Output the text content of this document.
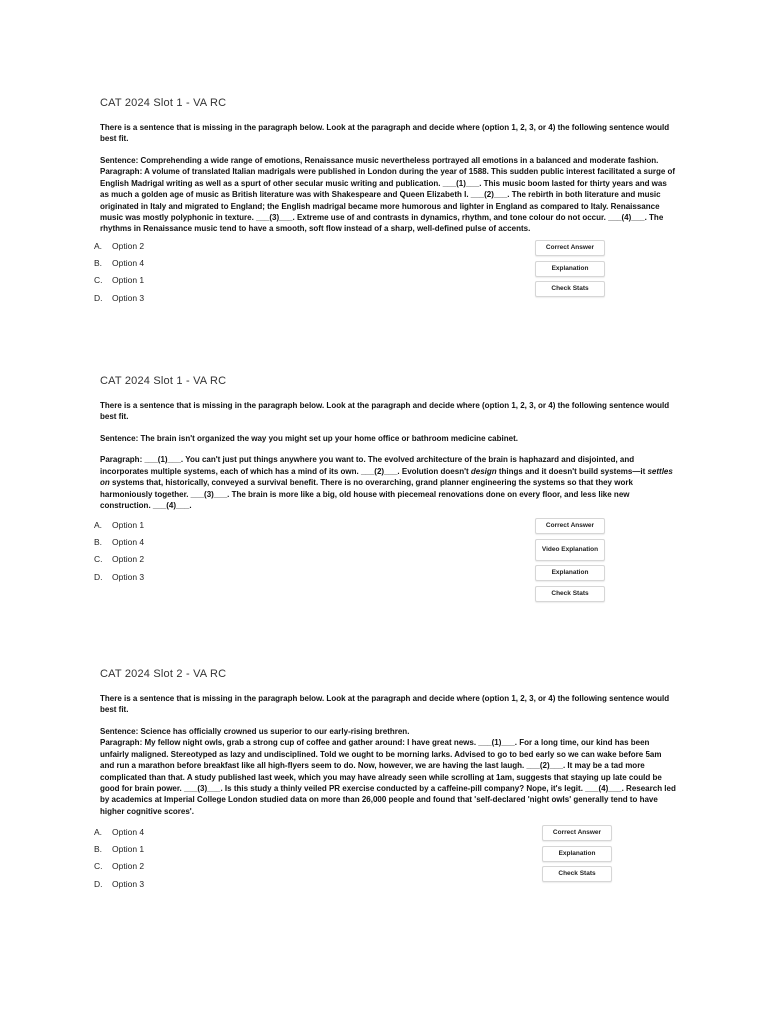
CAT 2024 Slot 1 - VA RC
There is a sentence that is missing in the paragraph below. Look at the paragraph and decide where (option 1, 2, 3, or 4) the following sentence would best fit.

Sentence: Comprehending a wide range of emotions, Renaissance music nevertheless portrayed all emotions in a balanced and moderate fashion.

Paragraph: A volume of translated Italian madrigals were published in London during the year of 1588. This sudden public interest facilitated a surge of English Madrigal writing as well as a spurt of other secular music writing and publication. ___(1)___. This music boom lasted for thirty years and was as much a golden age of music as British literature was with Shakespeare and Queen Elizabeth I. ___(2)___. The rebirth in both literature and music originated in Italy and migrated to England; the English madrigal became more humorous and lighter in England as compared to Italy. Renaissance music was mostly polyphonic in texture. ___(3)___. Extreme use of and contrasts in dynamics, rhythm, and tone colour do not occur. ___(4)___. The rhythms in Renaissance music tend to have a smooth, soft flow instead of a sharp, well-defined pulse of accents.

A.	Option 2
B.	Option 4
C.	Option 1
D.	Option 3
Correct Answer
Explanation
Check Stats
CAT 2024 Slot 1 - VA RC
There is a sentence that is missing in the paragraph below. Look at the paragraph and decide where (option 1, 2, 3, or 4) the following sentence would best fit.

Sentence: The brain isn't organized the way you might set up your home office or bathroom medicine cabinet.

Paragraph: ___(1)___. You can't just put things anywhere you want to. The evolved architecture of the brain is haphazard and disjointed, and incorporates multiple systems, each of which has a mind of its own. ___(2)___. Evolution doesn't design things and it doesn't build systems—it settles on systems that, historically, conveyed a survival benefit. There is no overarching, grand planner engineering the systems so that they work harmoniously together. ___(3)___. The brain is more like a big, old house with piecemeal renovations done on every floor, and less like new construction. ___(4)___.

A.	Option 1
B.	Option 4
C.	Option 2
D.	Option 3
Correct Answer
Video Explanation
Explanation
Check Stats
CAT 2024 Slot 2 - VA RC
There is a sentence that is missing in the paragraph below. Look at the paragraph and decide where (option 1, 2, 3, or 4) the following sentence would best fit.

Sentence: Science has officially crowned us superior to our early-rising brethren.

Paragraph: My fellow night owls, grab a strong cup of coffee and gather around: I have great news. ___(1)___. For a long time, our kind has been unfairly maligned. Stereotyped as lazy and undisciplined. Told we ought to be morning larks. Advised to go to bed early so we can wake before 5am and run a marathon before breakfast like all high-flyers seem to do. Now, however, we are having the last laugh. ___(2)___. It may be a tad more complicated than that. A study published last week, which you may have already seen while scrolling at 1am, suggests that staying up late could be good for brain power. ___(3)___. Is this study a thinly veiled PR exercise conducted by a caffeine-pill company? Nope, it's legit. ___(4)___. Research led by academics at Imperial College London studied data on more than 26,000 people and found that 'self-declared 'night owls' generally tend to have higher cognitive scores'.

A.	Option 4
B.	Option 1
C.	Option 2
D.	Option 3
Correct Answer
Explanation
Check Stats
